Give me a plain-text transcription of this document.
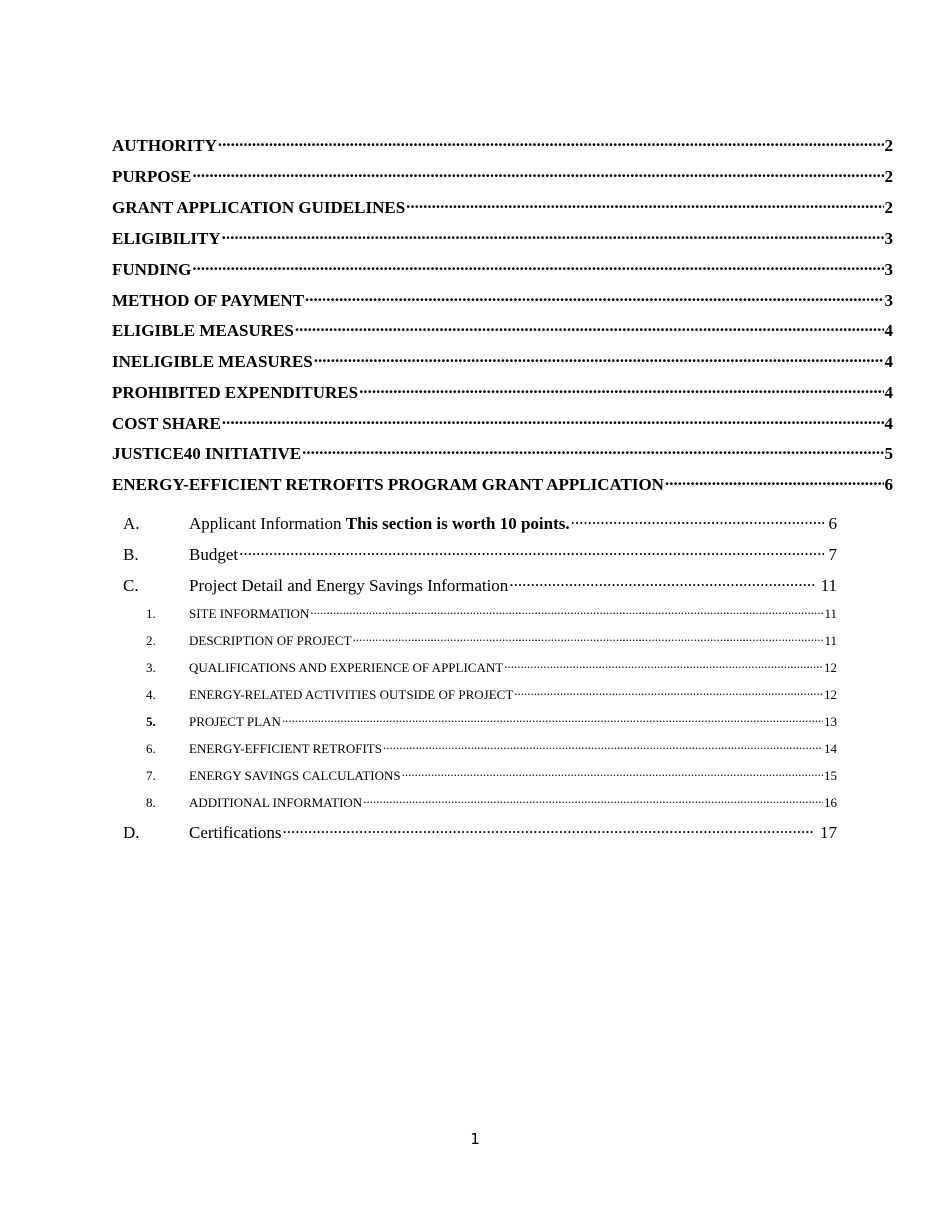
AUTHORITY .....	2
PURPOSE .....	2
GRANT APPLICATION GUIDELINES .....	2
ELIGIBILITY .....	3
FUNDING .....	3
METHOD OF PAYMENT .....	3
ELIGIBLE MEASURES .....	4
INELIGIBLE MEASURES .....	4
PROHIBITED EXPENDITURES .....	4
COST SHARE .....	4
JUSTICE40 INITIATIVE .....	5
ENERGY-EFFICIENT RETROFITS PROGRAM GRANT APPLICATION .....	6
A.	Applicant Information This section is worth 10 points. .....	6
B.	Budget .....	7
C.	Project Detail and Energy Savings Information .....	11
1.	SITE INFORMATION .....	11
2.	DESCRIPTION OF PROJECT .....	11
3.	QUALIFICATIONS AND EXPERIENCE OF APPLICANT .....	12
4.	ENERGY-RELATED ACTIVITIES OUTSIDE OF PROJECT .....	12
5.	PROJECT PLAN .....	13
6.	ENERGY-EFFICIENT RETROFITS .....	14
7.	ENERGY SAVINGS CALCULATIONS .....	15
8.	ADDITIONAL INFORMATION .....	16
D.	Certifications .....	17
1
